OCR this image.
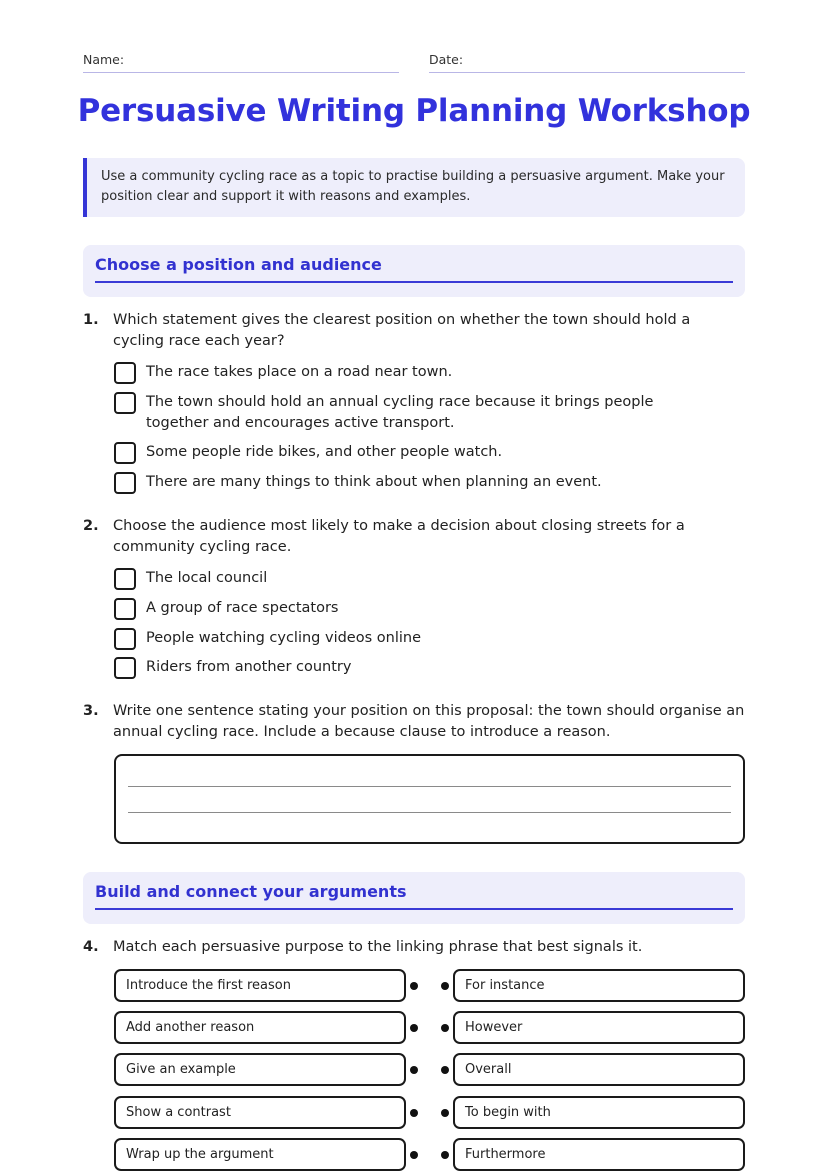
Name:	Date:
Persuasive Writing Planning Workshop
Use a community cycling race as a topic to practise building a persuasive argument. Make your position clear and support it with reasons and examples.
Choose a position and audience
1. Which statement gives the clearest position on whether the town should hold a cycling race each year?
The race takes place on a road near town.
The town should hold an annual cycling race because it brings people together and encourages active transport.
Some people ride bikes, and other people watch.
There are many things to think about when planning an event.
2. Choose the audience most likely to make a decision about closing streets for a community cycling race.
The local council
A group of race spectators
People watching cycling videos online
Riders from another country
3. Write one sentence stating your position on this proposal: the town should organise an annual cycling race. Include a because clause to introduce a reason.
Build and connect your arguments
4. Match each persuasive purpose to the linking phrase that best signals it.
Introduce the first reason	For instance
Add another reason	However
Give an example	Overall
Show a contrast	To begin with
Wrap up the argument	Furthermore
